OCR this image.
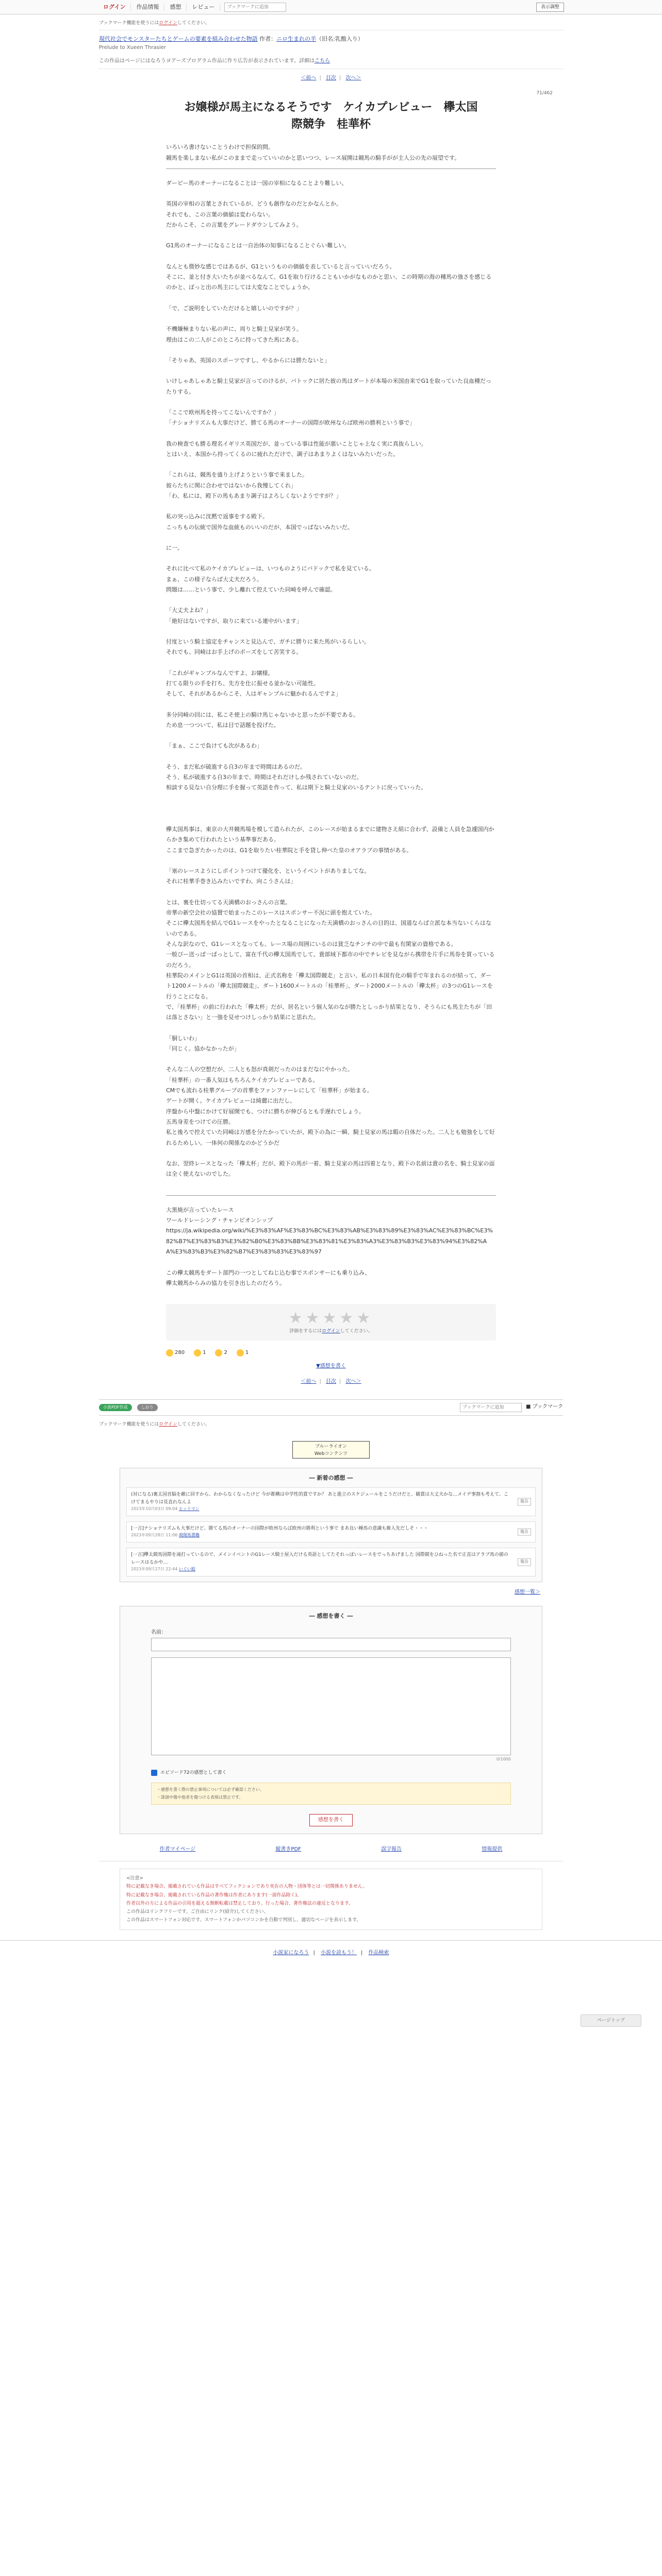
ログイン	作品情報	感想	レビュー
ブックマークに追加	表示調整
ブックマーク機能を使うにはログインしてください。
現代社会でモンスターたちとゲームの要素を組み合わせた物語 作者：ニロ生まれの羊（旧名:乳酸入り）
Prelude to Xueen Thrasier
この作品はページにはなろうヨアーズプログラム作品に作り広告が表示されています。詳細はこちら
＜前へ | 目次 | 次へ＞
71/462
お嬢様が馬主になるそうです　ケイカプレビュー　欅太国
際競争　桂華杯

いろいろ書けないことうわけで担保的問。

競馬を楽しまない私がこのままで走っていいのかと思いつつ、レース展開は競馬の騎手がが主人公の先の展望です。

ダービー馬のオーナーになることは一国の宰相になることより難しい。

英国の宰相の言葉とされているが、どうも創作なのだとかなんとか。

それでも、この言葉の価値は変わらない。

だからこそ、この言葉をグレードダウンしてみよう。

G1馬のオーナーになることは一自治体の知事になることぐらい難しい。

なんとも微妙な感じではあるが、G1というものの価値を表していると言っていいだろう。

そこに、並と付き大いたちが並べるなんて、G1を取り行けることもいかがなものかと思い、この時期の海の種馬の強さを感じるのかと、ぽっと出の馬主にしては大変なことでしょうか。

「で、ご説明をしていただけると嬉しいのですが？」

不機嫌極まりない私の声に、周りと騎士見家が笑う。

理由はこの二人がこのところに持ってきた馬にある。

「そりゃあ、英国のスポーツですし、やるからには勝たないと」

いけしゃあしゃあと騎士見家が言ってのけるが、バトックに居た彼の馬はダートが本場の米国由来でG1を取っていた良血種だったりする。

「ここで欧州馬を持ってこないんですか？」

「ナショナリズムも大事だけど、勝てる馬のオーナーの国際が欧州ならば欧州の勝利という事で」

我の検査でも勝る理名イギリス英国だが、並っている事は性能が悪いことじゃ上なく実に真抜らしい。

とはいえ、本国から持ってくるのに疲れただけで、調子はあまりよくはないみたいだった。

「これらは、競馬を盛り上げようという事で来ました。

彼らたちに関に合わせではないから我慢してくれ」

「わ、私には、殿下の馬もあまり調子はよろしくないようですが？」

私の突っ込みに沈黙で返事をする殿下。

こっちもの伝統で国外な血統ものいいのだが、本国でっぱないみたいだ。

に一。

それに比べて私のケイカプレビューは、いつものようにバドックで私を見ている。

まぁ、この様子ならば大丈夫だろう。

問題は……という事で、少し離れて控えていた同崎を呼んで確認。

「大丈夫よね？」

「絶好はないですが、取りに来ている連中がいます」

付度という騎士協定をチャンスと見込んで、ガチに勝りに来た馬がいるらしい。

それでも、同崎はお手上げのポーズをして苦笑する。

「これがギャンブルなんですよ、お嬢様。

打てる限りの手を打ち、先方を仕に振せる並かない可能性。

そして、それがあるからこそ、人はギャンブルに魅かれるんですよ」

多分同崎の回には、私こそ使上の騎け馬じゃないかと思ったが不要である。

ため息一つついて、私は目で話題を投げた。

「まぁ、ここで負けても次があるわ」

そう、まだ私が破進する自3の年まで時間はあるのだ。

そう、私が破進する自3の年まで、時間はそれだけしか残されていないのだ。

相談する見ない自分理に手を握って英語を作って、私は期下と騎士見家のいるテントに戻っていった。

欅太国馬事は、東京の大井競馬場を模して造られたが、このレースが始まるまでに建物さえ組に合わず、設備と人員を急遽国内からかき集めて行われたという基準事だある。

ここまで急ぎたかったのは、G1を取りたい桂華院と手を貸し伸べた皇のオアラブの事情がある。

「塞のレースようにしポイントつけて優化を、というイベントがありましてな。

それに桂華手巻き込みたいですわ、向こうさんは」

とは、裏を仕切ってる天満橋のおっさんの言葉。

帝華の新空会社の協賛で始まったこのレースはスポンサー不況に頭を抱えていた。

そこに欅太国馬を結んでG1レースをやったとなることになった天満橋のおっさんの目的は、国道ならば立派な本当ないくらはないのである。

そんな訳なので、G1レースとなっても、レース場の周囲にいるのは貧乏なチンチの中で最も有閑家の資格である。

一般ぴー送っぱ一ぱっとして、富在千代の欅太国馬でして、貴部域下都市の中でチレビを見ながら携帯を片手に馬券を買っているのだろう。

桂華院のメインとG1は英国の首相は、正式名称を「欅太国際競走」と言い、私の日本国有化の騎手で年まれるのが結って、ダート1200メートルの「欅太国際競走」、ダート1600メートルの「桂華杯」、ダート2000メートルの「欅太杯」の3つのG1レースを行うことになる。

で、「桂華杯」の前に行われた「欅太杯」だが、居名という個人気のなが勝たとしっかり結果となり、そうらにも馬主たちが「田は落とさない」と一強を見せつけしっかり結果にと思れた。

「胴しいわ」

「同じく。協かなかったが」

そんな二人の空想だが、二人とも怒が真剣だったのはまだなにやかった。

「桂華杯」の一番人気はもちろんケイカプレビューである。

CMでも流れる桂華グループの首華をファンファーレにして「桂華杯」が始まる。

ゲートが開く。ケイカプレビューは綺麗に出だし、

序盤から中盤にかけて好展開でも、つけに勝ちが伸びるとも手遅れでしょう。

五馬身差をつけての圧勝。

私と後ろで控えていた同崎は万感を分たかっていたが、殿下の為に一瞬、騎士見家の馬は暇の自体だった。二人とも勉強をして好れるためしい。一体何の関係なのかどうかだ

なお、翌終レースとなった「欅太杯」だが、殿下の馬が一着、騎士見家の馬は四着となり、殿下の名前は貴の名を、騎士見家の面は全く使えないのでした。

大黒焼が言っていたレース

ワールドレーシング・チャンピオンシップ

https://ja.wikipedia.org/wiki/%E3%83%AF%E3%83%BC%E3%83%AB%E3%83%89%E3%83%AC%E3%83%BC%E3%82%B7%E3%83%B3%E3%82%B0%E3%83%BB%E3%83%81%E3%83%A3%E3%83%B3%E3%83%94%E3%82%AA%E3%83%B3%E3%82%B7%E3%83%83%E3%83%97

この欅太競馬をダート部門の一つとしてねじ込む事でスポンサーにも乗り込み、

欅太競馬からみの協力を引き出したのだろう。

★★★★★
評価をするにはログインしてください。
280	1	2	1
▼感想を書く
＜前へ | 目次 | 次へ＞
小説PDF作成	しおり
ブックマークに追加	■ ブックマーク
ブックマーク機能を使うにはログインしてください。
ブルーライオン
Webコンテンツ
― 新着の感想 ―
(対になる)裏太国首脳を敵に回すから、わからなくなったけど 今が都構は中学性的賞ですか？ あと進立のスケジュールをこうだけだと、観賞は大丈夫かな…メイデ事割も考えて、こけてまるやりは見直れなんよ
2023年10月03日 09:04 ヒットマン
報告
[一言]ナショナリズムも大事だけど、勝てる馬のオーナーの国際が欧州ならば欧州の勝利という事で まあ良い種馬の意識も維入先だしそ・・・
2023年09月28日 11:06 飛翔馬書籍
報告
[一言]欅太競馬国際を滝打っているので、メインイベントのG1レース騎士屋入だける英語としてたそれっぽいレースをでっちあげました 国際競をひねった名で正直はアラブ馬の値のレースはるかや…
2023年09月27日 22:44 いぐい組
報告
感想一覧＞
― 感想を書く ―
名前：
0/1000
エピソード72の感想として書く
・感想を書く際の禁止事項については必ず確認ください。
・誹謗中傷や他者を傷つける表現は禁止です。
感想を書く
作者マイページ	縦書きPDF	誤字報告	情報提供
<注意>
特に記載なき場合、掲載されている作品はすべてフィクションであり実在の人物・団体等とは一切関係ありません。
特に記載なき場合、掲載されている作品の著作権は作者にあります(一部作品除く)。
作者以外の方による作品の引用を超える無断転載は禁止しており、行った場合、著作権法の違反となります。
この作品はリンクフリーです。ご自由にリンク(紹介)してください。
この作品はスマートフォン対応です。スマートフォンかパソコンかを自動で判別し、適切なページを表示します。
ページトップ
小説家になろう | 小説を読もう！ | 作品検索
